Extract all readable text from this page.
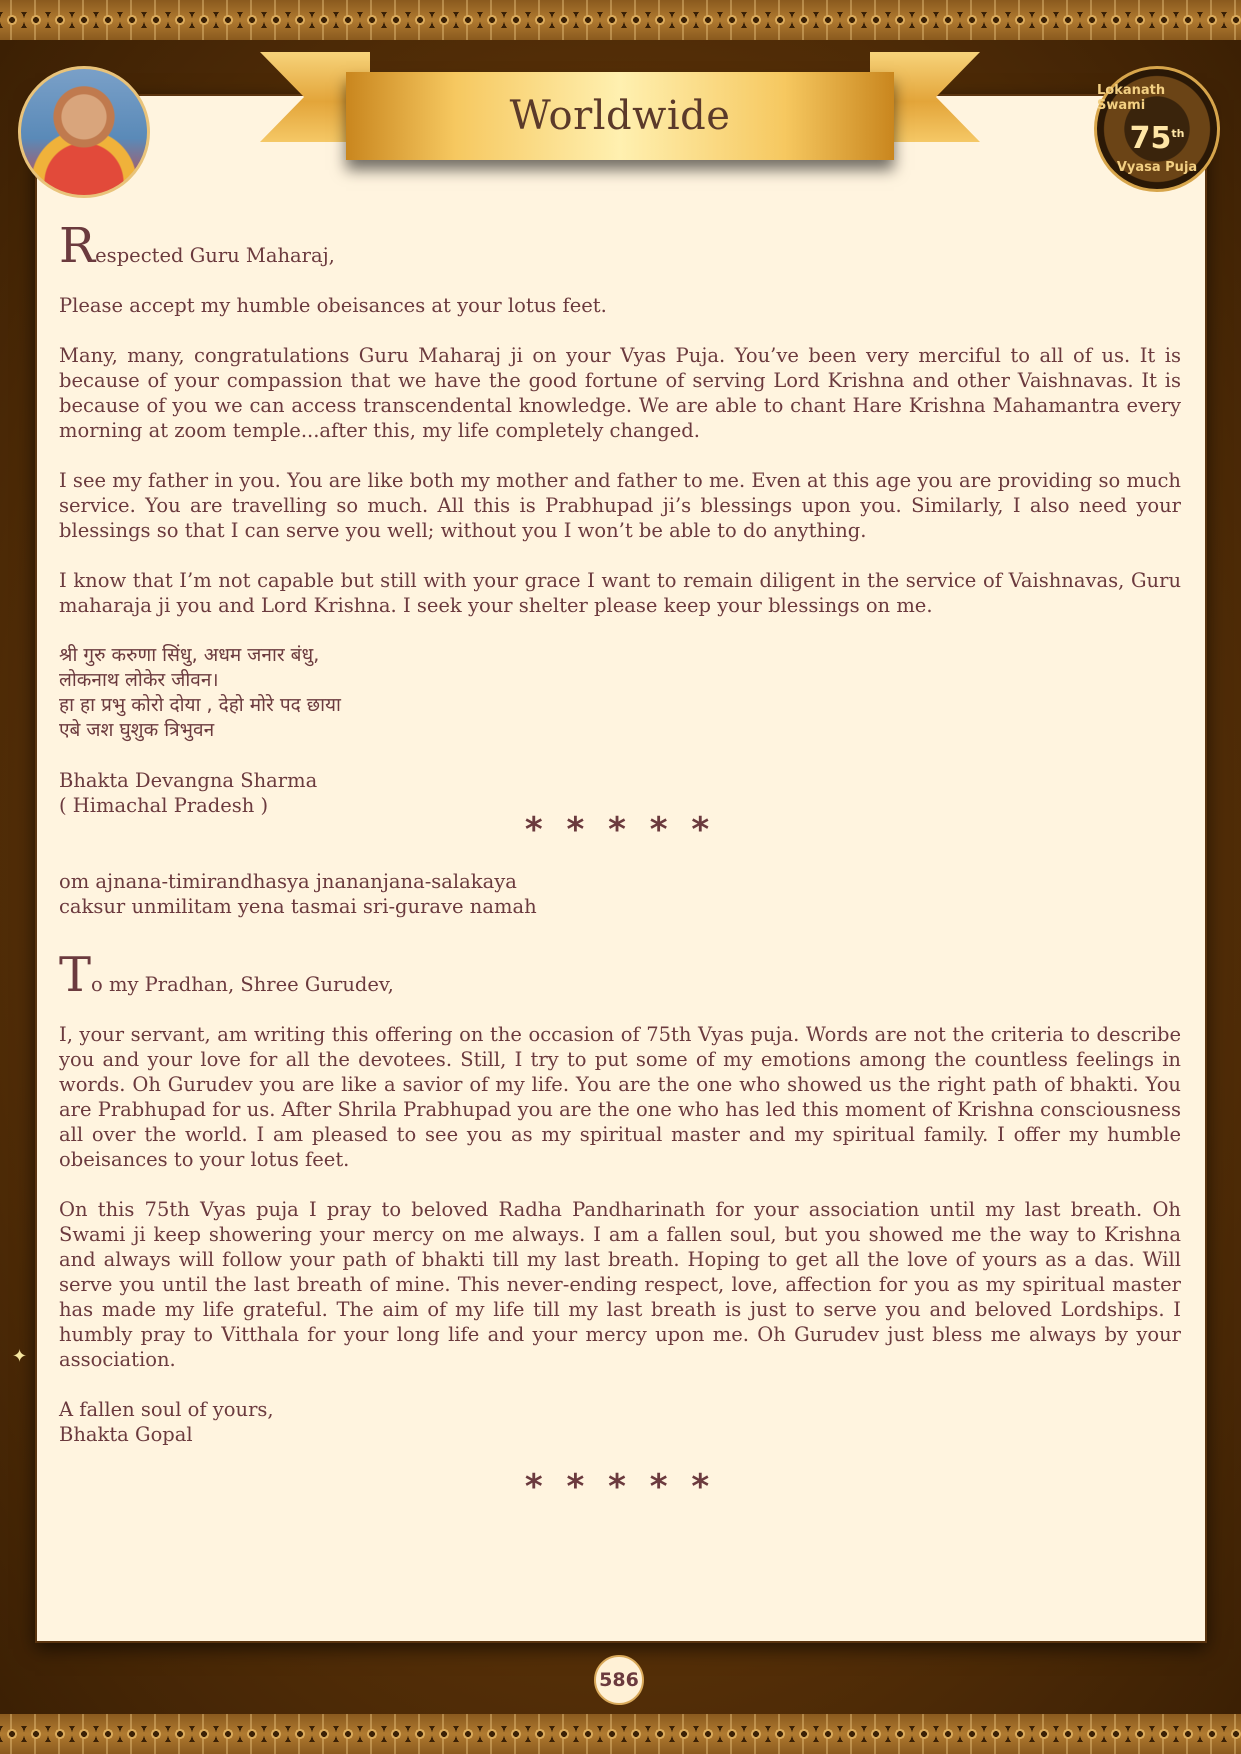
Worldwide
Lokanath Swami
75th
Vyasa Puja

Respected Guru Maharaj,

Please accept my humble obeisances at your lotus feet.

Many, many, congratulations Guru Maharaj ji on your Vyas Puja. You’ve been very merciful to all of us. It is because of your compassion that we have the good fortune of serving Lord Krishna and other Vaishnavas. It is because of you we can access transcendental knowledge. We are able to chant Hare Krishna Mahamantra every morning at zoom temple...after this, my life completely changed.

I see my father in you. You are like both my mother and father to me. Even at this age you are providing so much service. You are travelling so much. All this is Prabhupad ji’s blessings upon you. Similarly, I also need your blessings so that I can serve you well; without you I won’t be able to do anything.

I know that I’m not capable but still with your grace I want to remain diligent in the service of Vaishnavas, Guru maharaja ji you and Lord Krishna. I seek your shelter please keep your blessings on me.

श्री गुरु करुणा सिंधु, अधम जनार बंधु,
लोकनाथ लोकेर जीवन।
हा हा प्रभु कोरो दोया , देहो मोरे पद छाया
एबे जश घुशुक त्रिभुवन
Bhakta Devangna Sharma
( Himachal Pradesh )
* * * * *
om ajnana-timirandhasya jnananjana-salakaya
caksur unmilitam yena tasmai sri-gurave namah

To my Pradhan, Shree Gurudev,

I, your servant, am writing this offering on the occasion of 75th Vyas puja. Words are not the criteria to describe you and your love for all the devotees. Still, I try to put some of my emotions among the countless feelings in words. Oh Gurudev you are like a savior of my life. You are the one who showed us the right path of bhakti. You are Prabhupad for us. After Shrila Prabhupad you are the one who has led this moment of Krishna consciousness all over the world. I am pleased to see you as my spiritual master and my spiritual family. I offer my humble obeisances to your lotus feet.

On this 75th Vyas puja I pray to beloved Radha Pandharinath for your association until my last breath. Oh Swami ji keep showering your mercy on me always. I am a fallen soul, but you showed me the way to Krishna and always will follow your path of bhakti till my last breath. Hoping to get all the love of yours as a das. Will serve you until the last breath of mine. This never-ending respect, love, affection for you as my spiritual master has made my life grateful. The aim of my life till my last breath is just to serve you and beloved Lordships. I humbly pray to Vitthala for your long life and your mercy upon me. Oh Gurudev just bless me always by your association.

A fallen soul of yours,
Bhakta Gopal
* * * * *
586
✦
